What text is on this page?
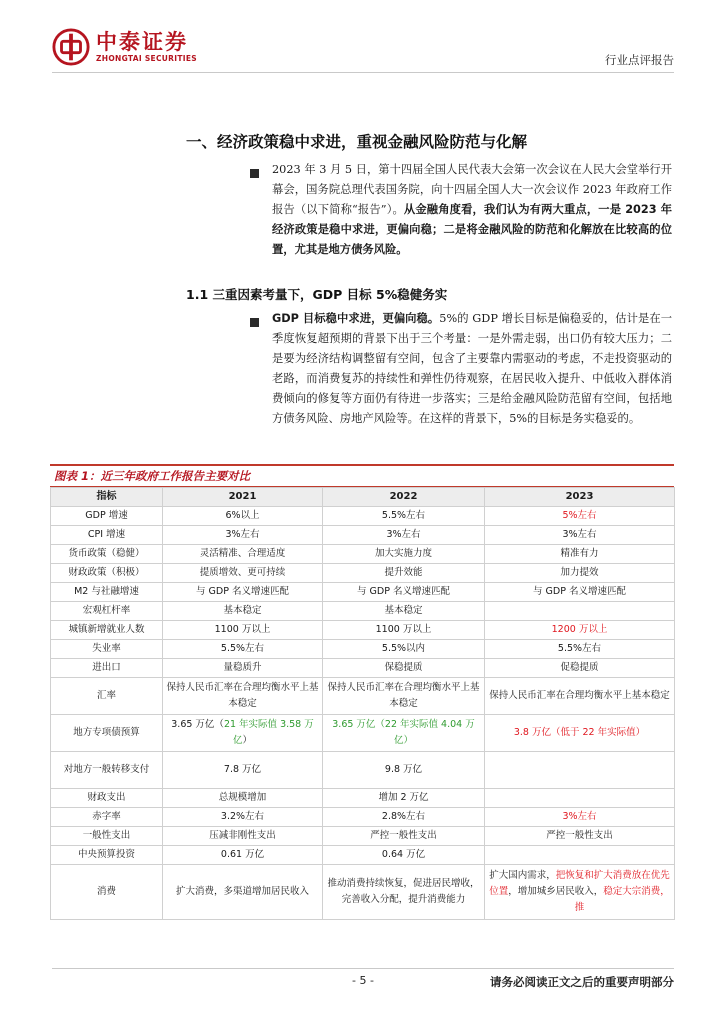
中泰证券
ZHONGTAI SECURITIES	行业点评报告
一、经济政策稳中求进，重视金融风险防范与化解
2023 年 3 月 5 日，第十四届全国人民代表大会第一次会议在人民大会堂举行开幕会，国务院总理代表国务院，向十四届全国人大一次会议作 2023 年政府工作报告（以下简称“报告”）。从金融角度看，我们认为有两大重点，一是 2023 年经济政策是稳中求进，更偏向稳；二是将金融风险的防范和化解放在比较高的位置，尤其是地方债务风险。
1.1 三重因素考量下，GDP 目标 5%稳健务实
GDP 目标稳中求进，更偏向稳。5%的 GDP 增长目标是偏稳妥的，估计是在一季度恢复超预期的背景下出于三个考量：一是外需走弱，出口仍有较大压力；二是要为经济结构调整留有空间，包含了主要靠内需驱动的考虑，不走投资驱动的老路，而消费复苏的持续性和弹性仍待观察，在居民收入提升、中低收入群体消费倾向的修复等方面仍有待进一步落实；三是给金融风险防范留有空间，包括地方债务风险、房地产风险等。在这样的背景下，5%的目标是务实稳妥的。
图表 1：近三年政府工作报告主要对比
指标	2021	2022	2023
GDP 增速	6%以上	5.5%左右	5%左右
CPI 增速	3%左右	3%左右	3%左右
货币政策（稳健）	灵活精准、合理适度	加大实施力度	精准有力
财政政策（积极）	提质增效、更可持续	提升效能	加力提效
M2 与社融增速	与 GDP 名义增速匹配	与 GDP 名义增速匹配	与 GDP 名义增速匹配
宏观杠杆率	基本稳定	基本稳定	
城镇新增就业人数	1100 万以上	1100 万以上	1200 万以上
失业率	5.5%左右	5.5%以内	5.5%左右
进出口	量稳质升	保稳提质	促稳提质
汇率	保持人民币汇率在合理均衡水平上基本稳定	保持人民币汇率在合理均衡水平上基本稳定	保持人民币汇率在合理均衡水平上基本稳定
地方专项债预算	3.65 万亿（21 年实际值 3.58 万亿）	3.65 万亿（22 年实际值 4.04 万亿）	3.8 万亿（低于 22 年实际值）
对地方一般转移支付	7.8 万亿	9.8 万亿	
财政支出	总规模增加	增加 2 万亿	
赤字率	3.2%左右	2.8%左右	3%左右
一般性支出	压减非刚性支出	严控一般性支出	严控一般性支出
中央预算投资	0.61 万亿	0.64 万亿	
消费	扩大消费，多渠道增加居民收入	推动消费持续恢复，促进居民增收，完善收入分配，提升消费能力	扩大国内需求，把恢复和扩大消费放在优先位置，增加城乡居民收入，稳定大宗消费，推
- 5 -	请务必阅读正文之后的重要声明部分
